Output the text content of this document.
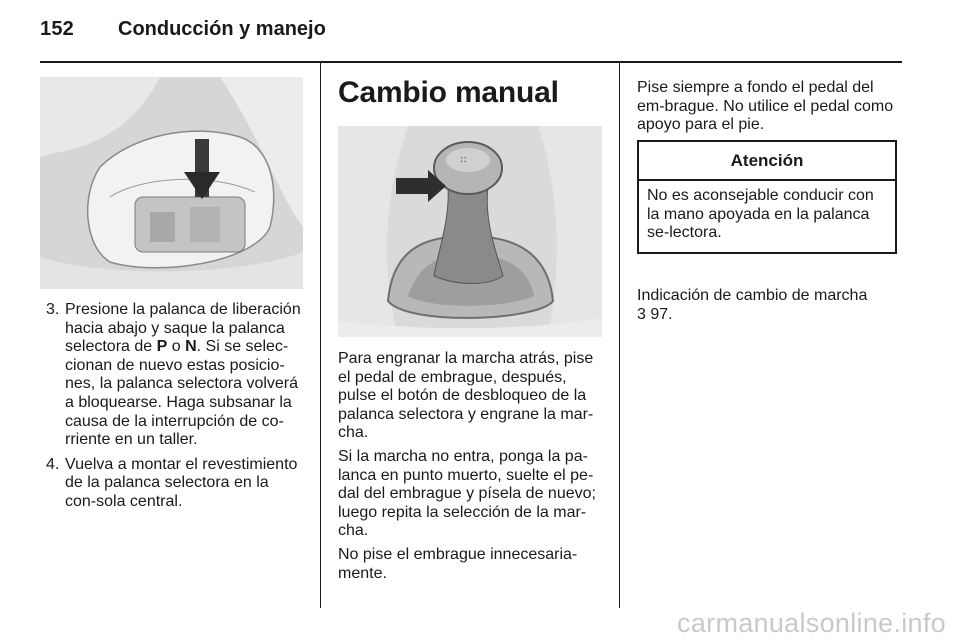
152 Conducción y manejo
3. Presione la palanca de liberación hacia abajo y saque la palanca selectora de P o N. Si se selec-cionan de nuevo estas posicio-nes, la palanca selectora volverá a bloquearse. Haga subsanar la causa de la interrupción de co-rriente en un taller.
4. Vuelva a montar el revestimiento de la palanca selectora en la con-sola central.
Cambio manual
::

Para engranar la marcha atrás, pise el pedal de embrague, después, pulse el botón de desbloqueo de la palanca selectora y engrane la mar-cha.

Si la marcha no entra, ponga la pa-lanca en punto muerto, suelte el pe-dal del embrague y písela de nuevo; luego repita la selección de la mar-cha.

No pise el embrague innecesaria-mente.

Pise siempre a fondo el pedal del em-brague. No utilice el pedal como apoyo para el pie.

Atención
No es aconsejable conducir con la mano apoyada en la palanca se-lectora.
Indicación de cambio de marcha
3 97.
carmanualsonline.info
